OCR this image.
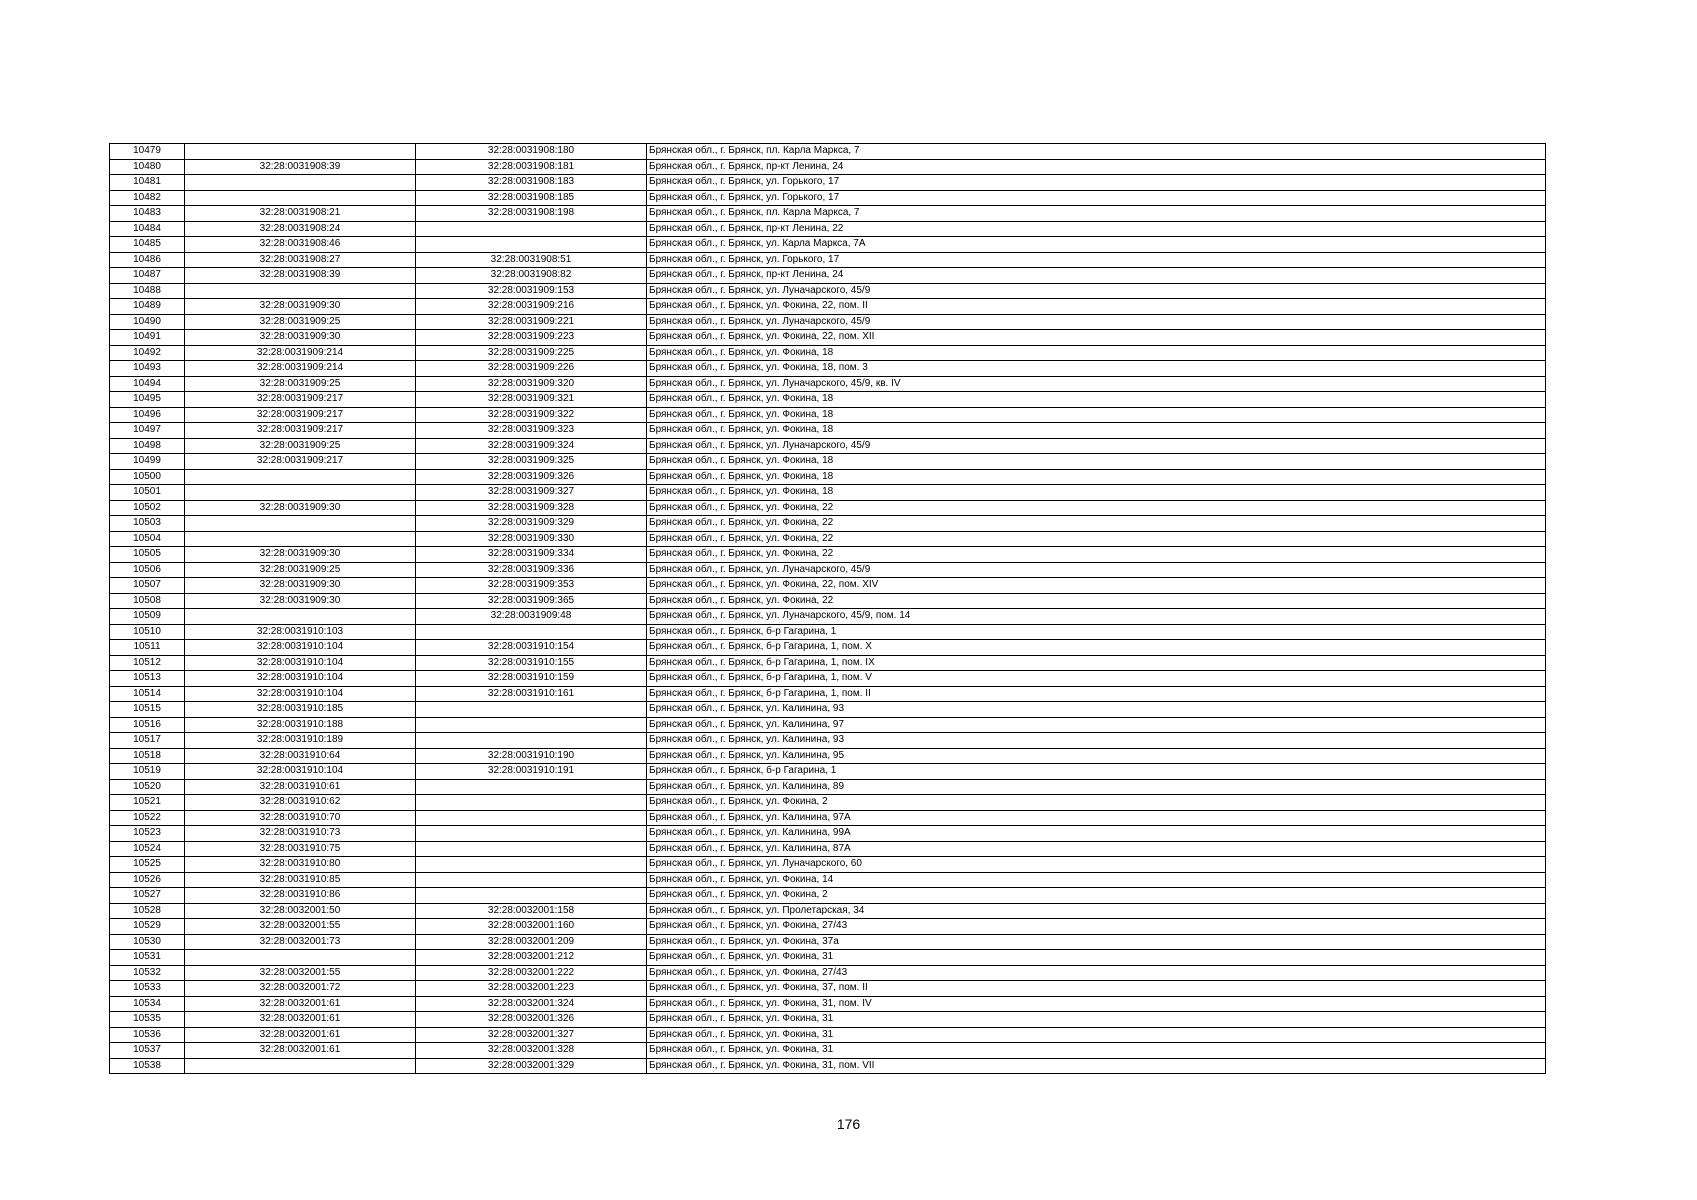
10479		32:28:0031908:180	Брянская обл., г. Брянск, пл. Карла Маркса, 7
10480	32:28:0031908:39	32:28:0031908:181	Брянская обл., г. Брянск, пр-кт Ленина, 24
10481		32:28:0031908:183	Брянская обл., г. Брянск, ул. Горького, 17
10482		32:28:0031908:185	Брянская обл., г. Брянск, ул. Горького, 17
10483	32:28:0031908:21	32:28:0031908:198	Брянская обл., г. Брянск, пл. Карла Маркса, 7
10484	32:28:0031908:24		Брянская обл., г. Брянск, пр-кт Ленина, 22
10485	32:28:0031908:46		Брянская обл., г. Брянск, ул. Карла Маркса, 7А
10486	32:28:0031908:27	32:28:0031908:51	Брянская обл., г. Брянск, ул. Горького, 17
10487	32:28:0031908:39	32:28:0031908:82	Брянская обл., г. Брянск, пр-кт Ленина, 24
10488		32:28:0031909:153	Брянская обл., г. Брянск, ул. Луначарского, 45/9
10489	32:28:0031909:30	32:28:0031909:216	Брянская обл., г. Брянск, ул. Фокина, 22, пом. II
10490	32:28:0031909:25	32:28:0031909:221	Брянская обл., г. Брянск, ул. Луначарского, 45/9
10491	32:28:0031909:30	32:28:0031909:223	Брянская обл., г. Брянск, ул. Фокина, 22, пом. XII
10492	32:28:0031909:214	32:28:0031909:225	Брянская обл., г. Брянск, ул. Фокина, 18
10493	32:28:0031909:214	32:28:0031909:226	Брянская обл., г. Брянск, ул. Фокина, 18, пом. 3
10494	32:28:0031909:25	32:28:0031909:320	Брянская обл., г. Брянск, ул. Луначарского, 45/9, кв. IV
10495	32:28:0031909:217	32:28:0031909:321	Брянская обл., г. Брянск, ул. Фокина, 18
10496	32:28:0031909:217	32:28:0031909:322	Брянская обл., г. Брянск, ул. Фокина, 18
10497	32:28:0031909:217	32:28:0031909:323	Брянская обл., г. Брянск, ул. Фокина, 18
10498	32:28:0031909:25	32:28:0031909:324	Брянская обл., г. Брянск, ул. Луначарского, 45/9
10499	32:28:0031909:217	32:28:0031909:325	Брянская обл., г. Брянск, ул. Фокина, 18
10500		32:28:0031909:326	Брянская обл., г. Брянск, ул. Фокина, 18
10501		32:28:0031909:327	Брянская обл., г. Брянск, ул. Фокина, 18
10502	32:28:0031909:30	32:28:0031909:328	Брянская обл., г. Брянск, ул. Фокина, 22
10503		32:28:0031909:329	Брянская обл., г. Брянск, ул. Фокина, 22
10504		32:28:0031909:330	Брянская обл., г. Брянск, ул. Фокина, 22
10505	32:28:0031909:30	32:28:0031909:334	Брянская обл., г. Брянск, ул. Фокина, 22
10506	32:28:0031909:25	32:28:0031909:336	Брянская обл., г. Брянск, ул. Луначарского, 45/9
10507	32:28:0031909:30	32:28:0031909:353	Брянская обл., г. Брянск, ул. Фокина, 22, пом. XIV
10508	32:28:0031909:30	32:28:0031909:365	Брянская обл., г. Брянск, ул. Фокина, 22
10509		32:28:0031909:48	Брянская обл., г. Брянск, ул. Луначарского, 45/9, пом. 14
10510	32:28:0031910:103		Брянская обл., г. Брянск, б-р Гагарина, 1
10511	32:28:0031910:104	32:28:0031910:154	Брянская обл., г. Брянск, б-р Гагарина, 1, пом. X
10512	32:28:0031910:104	32:28:0031910:155	Брянская обл., г. Брянск, б-р Гагарина, 1, пом. IX
10513	32:28:0031910:104	32:28:0031910:159	Брянская обл., г. Брянск, б-р Гагарина, 1, пом. V
10514	32:28:0031910:104	32:28:0031910:161	Брянская обл., г. Брянск, б-р Гагарина, 1, пом. II
10515	32:28:0031910:185		Брянская обл., г. Брянск, ул. Калинина, 93
10516	32:28:0031910:188		Брянская обл., г. Брянск, ул. Калинина, 97
10517	32:28:0031910:189		Брянская обл., г. Брянск, ул. Калинина, 93
10518	32:28:0031910:64	32:28:0031910:190	Брянская обл., г. Брянск, ул. Калинина, 95
10519	32:28:0031910:104	32:28:0031910:191	Брянская обл., г. Брянск, б-р Гагарина, 1
10520	32:28:0031910:61		Брянская обл., г. Брянск, ул. Калинина, 89
10521	32:28:0031910:62		Брянская обл., г. Брянск, ул. Фокина, 2
10522	32:28:0031910:70		Брянская обл., г. Брянск, ул. Калинина, 97А
10523	32:28:0031910:73		Брянская обл., г. Брянск, ул. Калинина, 99А
10524	32:28:0031910:75		Брянская обл., г. Брянск, ул. Калинина, 87А
10525	32:28:0031910:80		Брянская обл., г. Брянск, ул. Луначарского, 60
10526	32:28:0031910:85		Брянская обл., г. Брянск, ул. Фокина, 14
10527	32:28:0031910:86		Брянская обл., г. Брянск, ул. Фокина, 2
10528	32:28:0032001:50	32:28:0032001:158	Брянская обл., г. Брянск, ул. Пролетарская, 34
10529	32:28:0032001:55	32:28:0032001:160	Брянская обл., г. Брянск, ул. Фокина, 27/43
10530	32:28:0032001:73	32:28:0032001:209	Брянская обл., г. Брянск, ул. Фокина, 37а
10531		32:28:0032001:212	Брянская обл., г. Брянск, ул. Фокина, 31
10532	32:28:0032001:55	32:28:0032001:222	Брянская обл., г. Брянск, ул. Фокина, 27/43
10533	32:28:0032001:72	32:28:0032001:223	Брянская обл., г. Брянск, ул. Фокина, 37, пом. II
10534	32:28:0032001:61	32:28:0032001:324	Брянская обл., г. Брянск, ул. Фокина, 31, пом. IV
10535	32:28:0032001:61	32:28:0032001:326	Брянская обл., г. Брянск, ул. Фокина, 31
10536	32:28:0032001:61	32:28:0032001:327	Брянская обл., г. Брянск, ул. Фокина, 31
10537	32:28:0032001:61	32:28:0032001:328	Брянская обл., г. Брянск, ул. Фокина, 31
10538		32:28:0032001:329	Брянская обл., г. Брянск, ул. Фокина, 31, пом. VII
176
